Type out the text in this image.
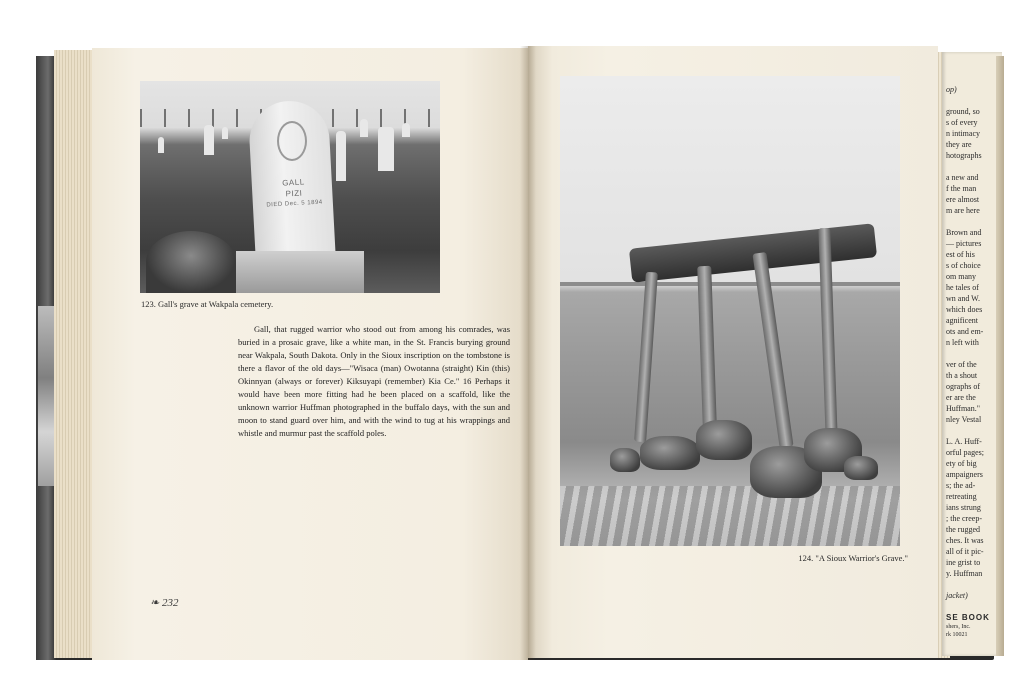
GALL
PIZI
DIED Dec. 5 1894
123. Gall's grave at Wakpala cemetery.
Gall, that rugged warrior who stood out from among his comrades, was buried in a prosaic grave, like a white man, in the St. Francis burying ground near Wakpala, South Dakota. Only in the Sioux inscription on the tombstone is there a flavor of the old days—"Wisaca (man) Owotanna (straight) Kin (this) Okinnyan (always or forever) Kiksuyapi (remember) Kia Ce." 16 Perhaps it would have been more fitting had he been placed on a scaffold, like the unknown warrior Huffman photographed in the buffalo days, with the sun and moon to stand guard over him, and with the wind to tug at his wrappings and whistle and murmur past the scaffold poles.
❧ 232
124. "A Sioux Warrior's Grave."
op)
ground, so
s of every
n intimacy
they are
hotographs
a new and
f the man
ere almost
m are here
Brown and
— pictures
est of his
s of choice
om many
he tales of
wn and W.
which does
agnificent
ots and em-
n left with
ver of the
th a shout
ographs of
er are the
Huffman."
nley Vestal
L. A. Huff-
orful pages;
ety of big
ampaigners
s; the ad-
retreating
ians strung
; the creep-
the rugged
ches. It was
all of it pic-
ine grist to
y. Huffman
jacket)
SE BOOK
shers, Inc.
rk 10021
